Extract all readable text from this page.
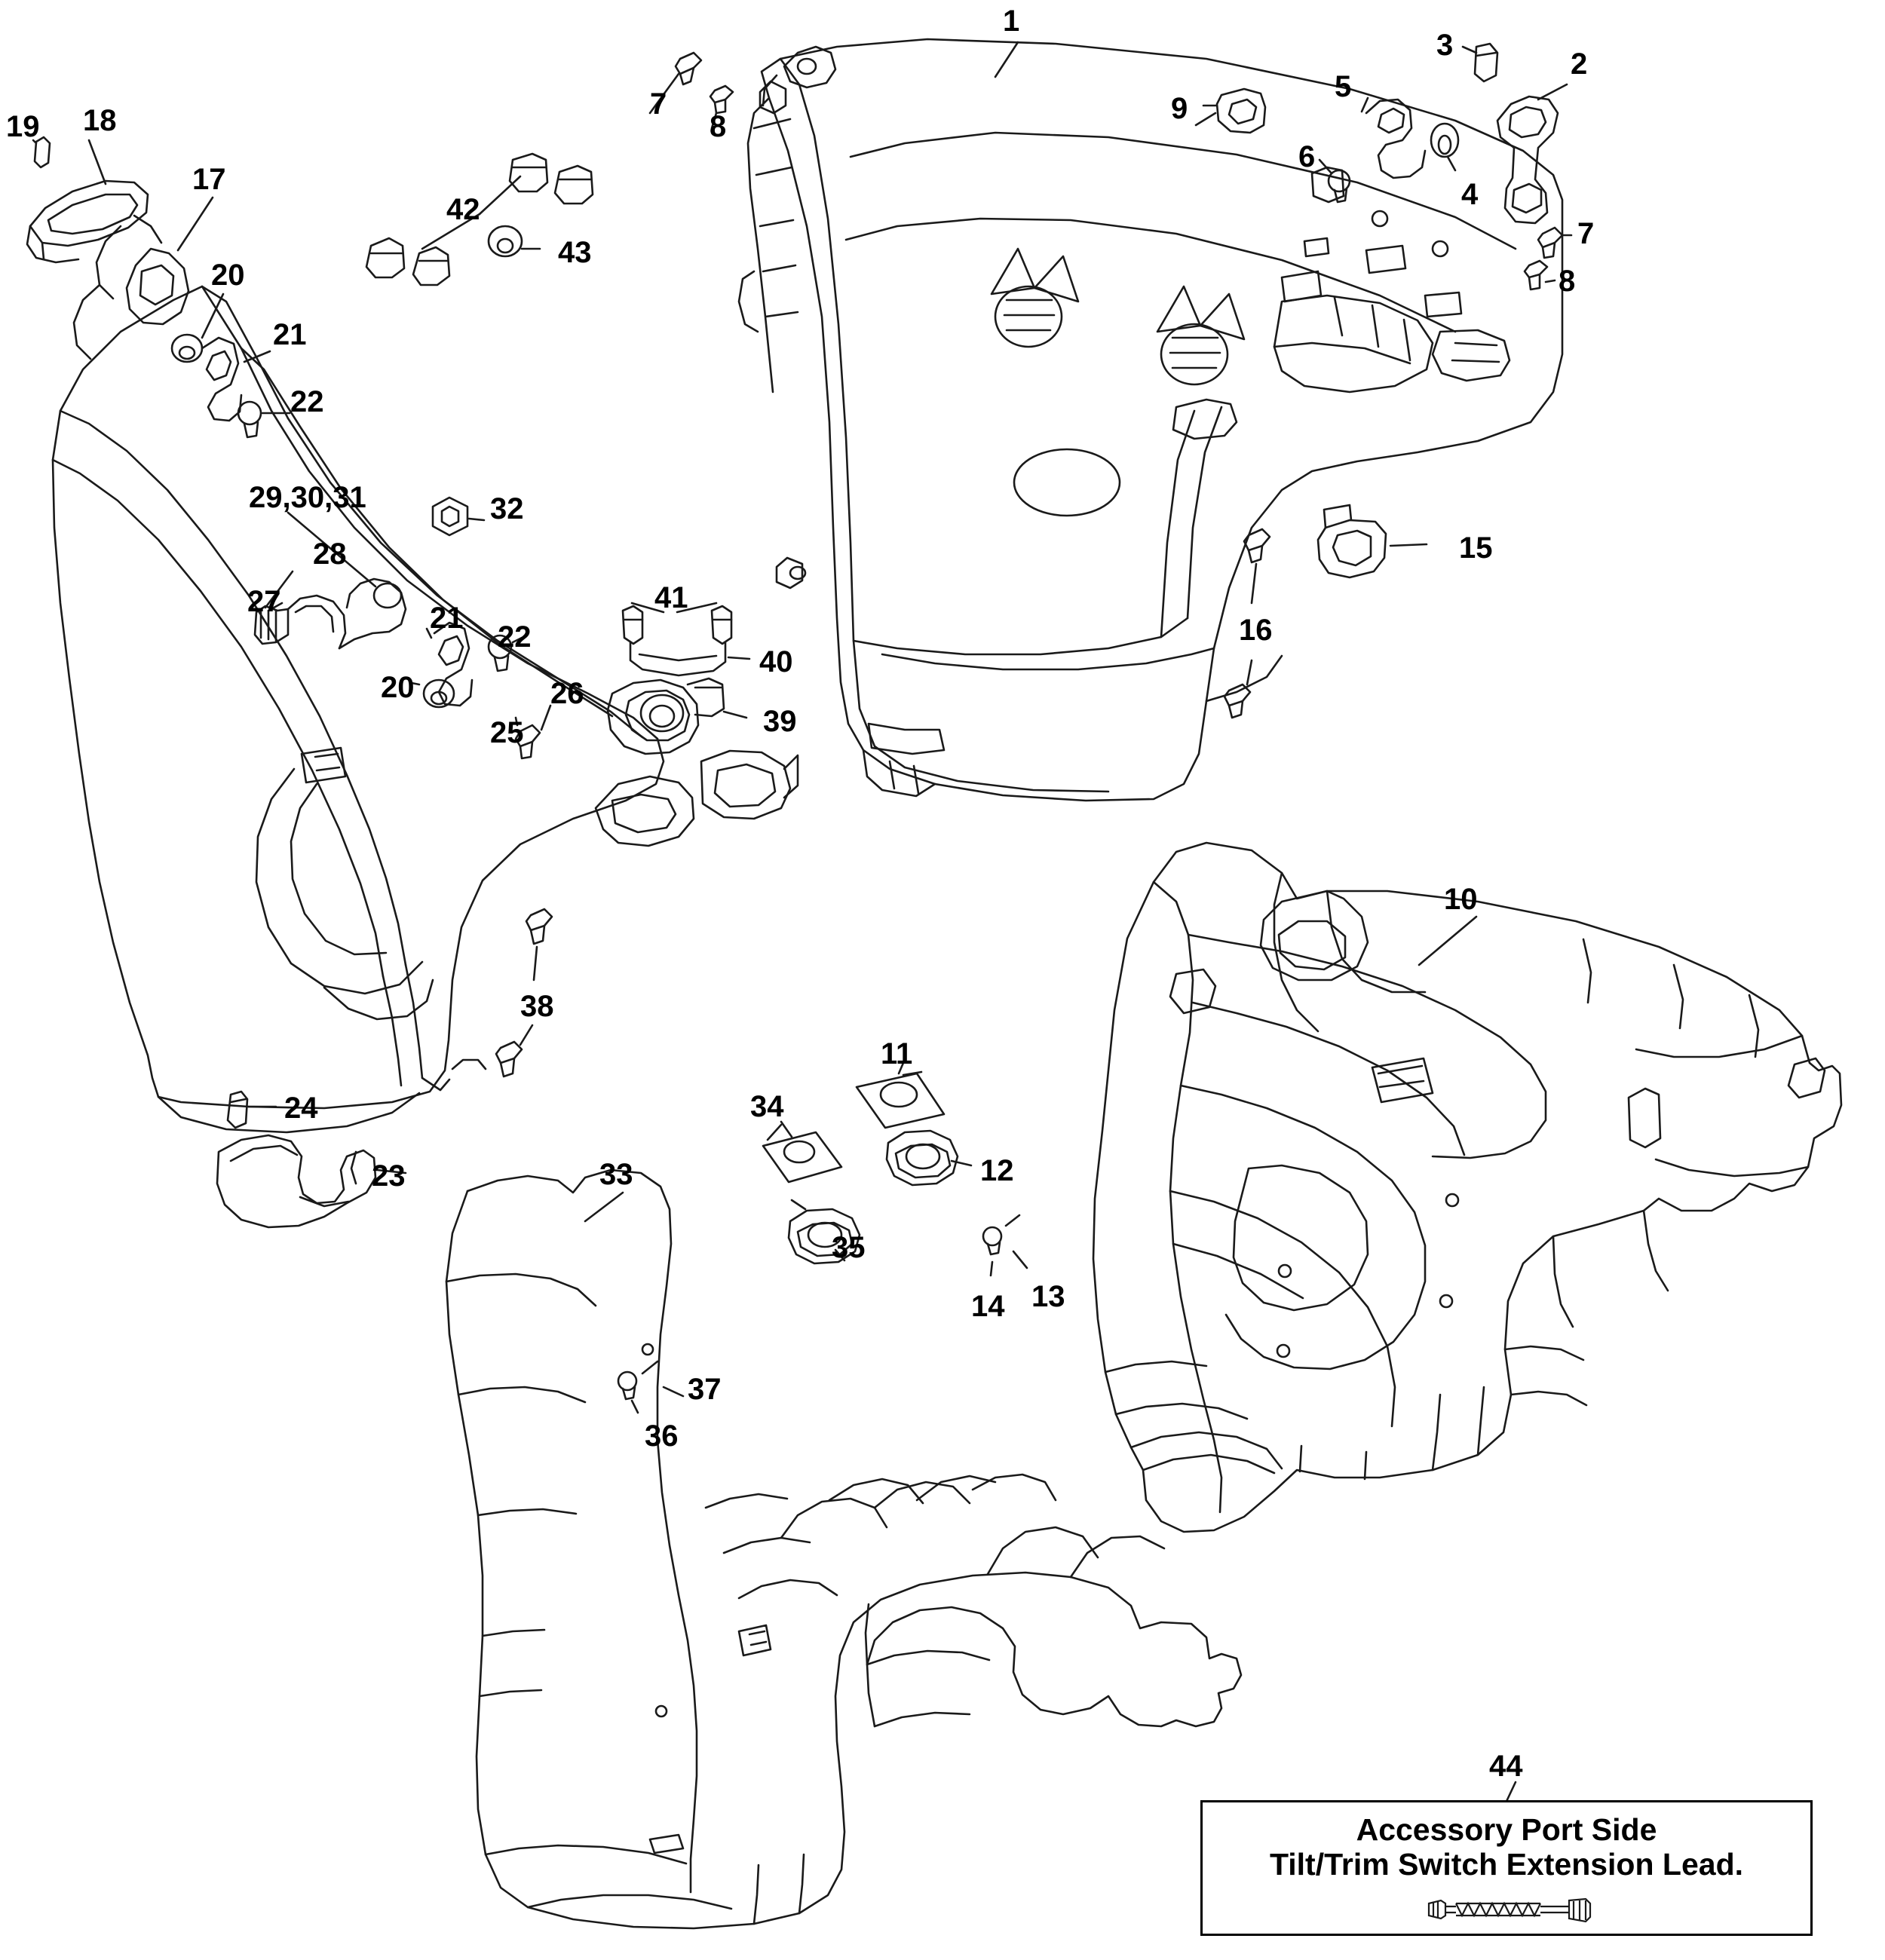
1
3
2
5
9
7
8
6
4
19 18
17
42
43
7
8
20
21
22
15
29,30,31	32
28
27	41
21
22
40
16
20	26
25	39
10
38
11
34
24
12
23	33
35
14 13
37
36
44
Accessory Port Side
Tilt/Trim Switch Extension Lead.
